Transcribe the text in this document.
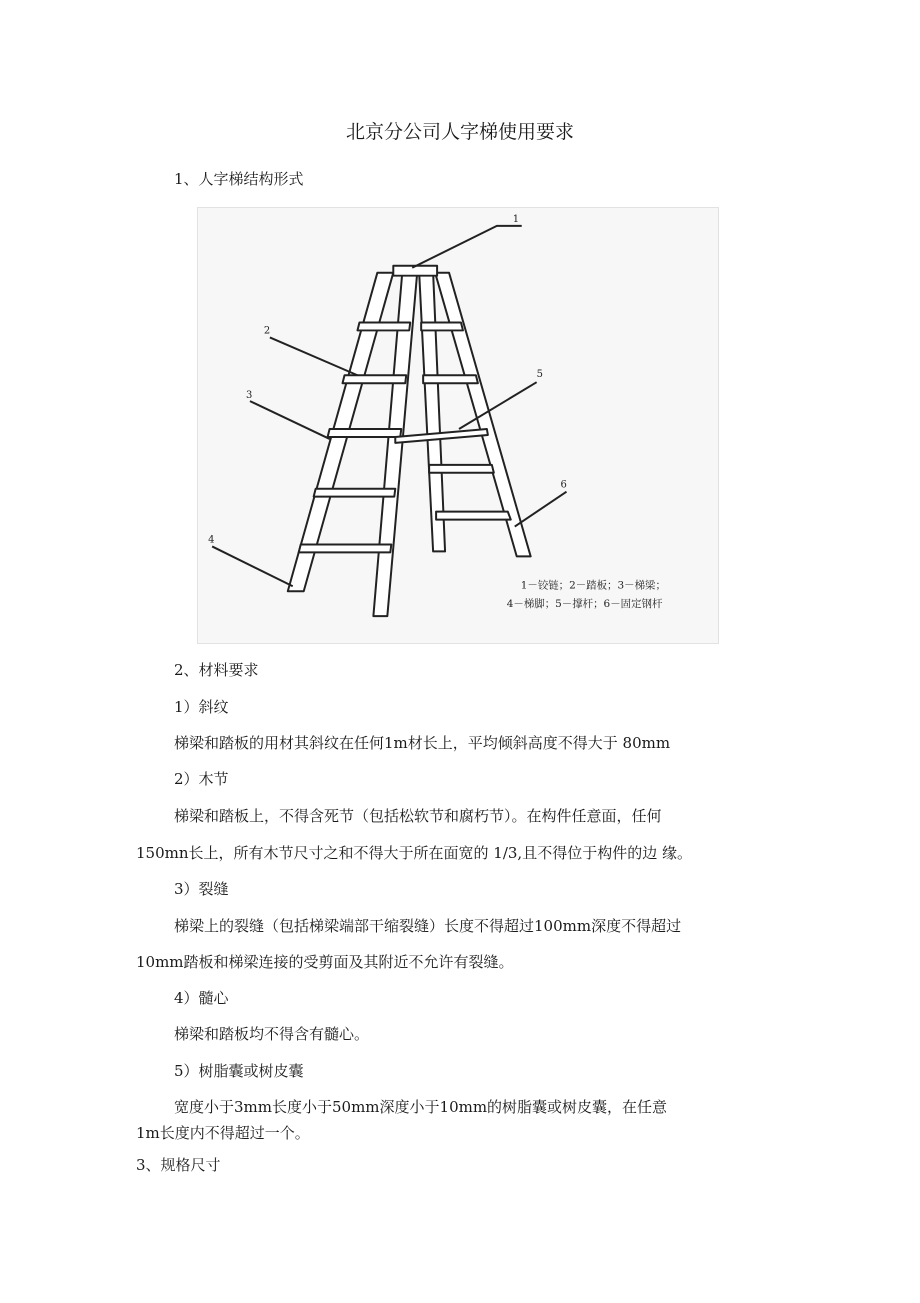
北京分公司人字梯使用要求
1、人字梯结构形式
1
2
3
4
5
6
1－铰链；2－踏板；3－梯梁；
4－梯脚；5－撑杆；6－固定钢杆
2、材料要求
1）斜纹
梯梁和踏板的用材其斜纹在任何1m材长上，平均倾斜高度不得大于 80mm
2）木节
梯梁和踏板上，不得含死节（包括松软节和腐朽节）。在构件任意面，任何
150mn长上，所有木节尺寸之和不得大于所在面宽的 1/3,且不得位于构件的边 缘。
3）裂缝
梯梁上的裂缝（包括梯梁端部干缩裂缝）长度不得超过100mm深度不得超过
10mm踏板和梯梁连接的受剪面及其附近不允许有裂缝。
4）髓心
梯梁和踏板均不得含有髓心。
5）树脂囊或树皮囊
宽度小于3mm长度小于50mm深度小于10mm的树脂囊或树皮囊，在任意
1m长度内不得超过一个。
3、规格尺寸
